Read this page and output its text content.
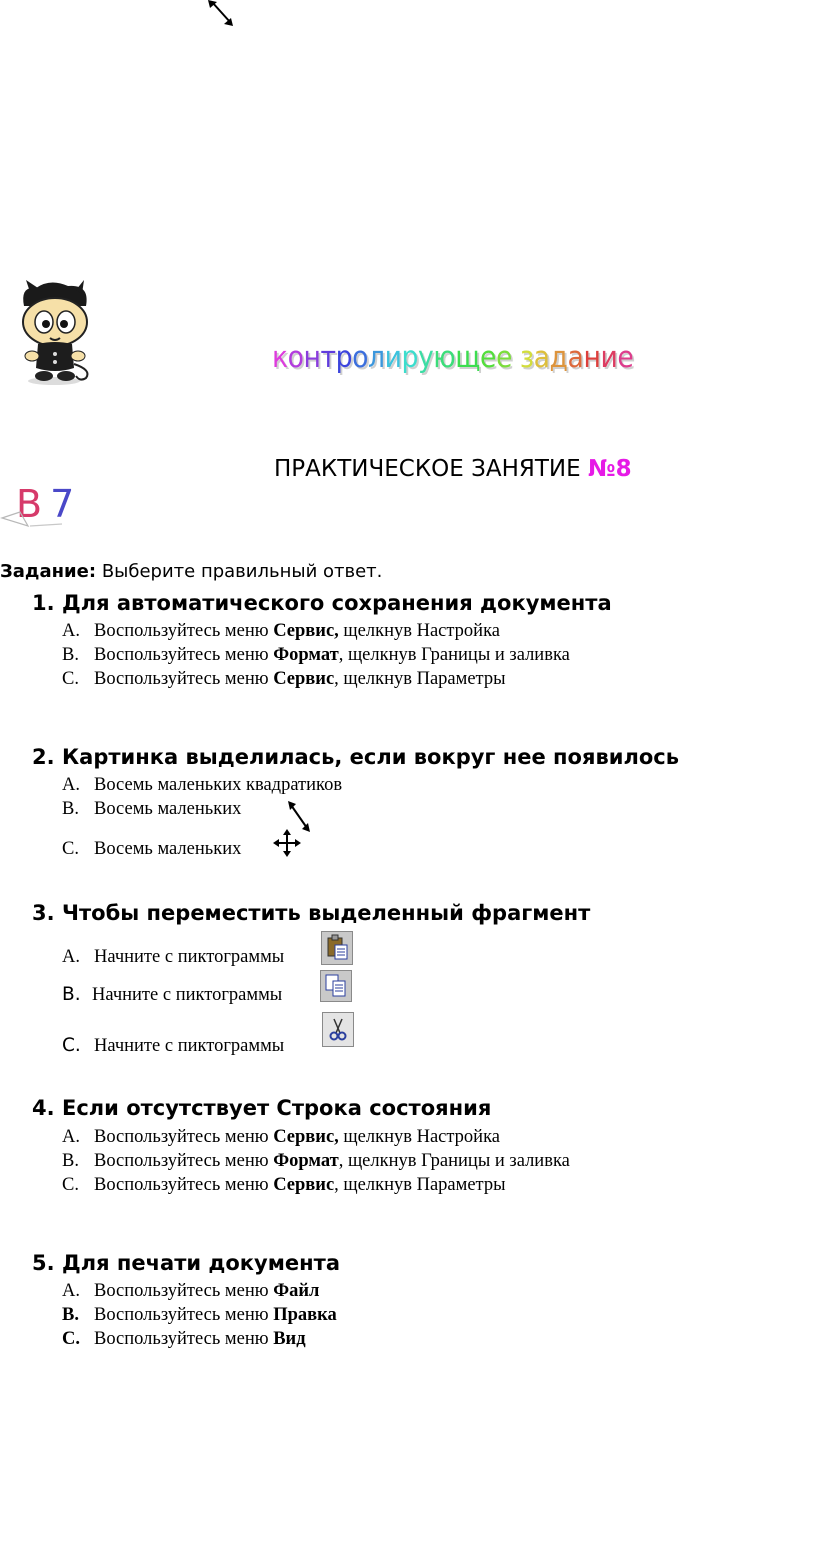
контролирующее задание
В 7
ПРАКТИЧЕСКОЕ ЗАНЯТИЕ №8
Задание: Выберите правильный ответ.
1. Для автоматического сохранения документа
A. Воспользуйтесь меню Сервис, щелкнув Настройка
B. Воспользуйтесь меню Формат, щелкнув Границы и заливка
C. Воспользуйтесь меню Сервис, щелкнув Параметры
2. Картинка выделилась, если вокруг нее появилось
A. Восемь маленьких квадратиков
B. Восемь маленьких
C. Восемь маленьких
3. Чтобы переместить выделенный фрагмент
A. Начните с пиктограммы
B. Начните с пиктограммы
C. Начните с пиктограммы
4. Если отсутствует Строка состояния
A. Воспользуйтесь меню Сервис, щелкнув Настройка
B. Воспользуйтесь меню Формат, щелкнув Границы и заливка
C. Воспользуйтесь меню Сервис, щелкнув Параметры
5. Для печати документа
A. Воспользуйтесь меню Файл
B. Воспользуйтесь меню Правка
C. Воспользуйтесь меню Вид
